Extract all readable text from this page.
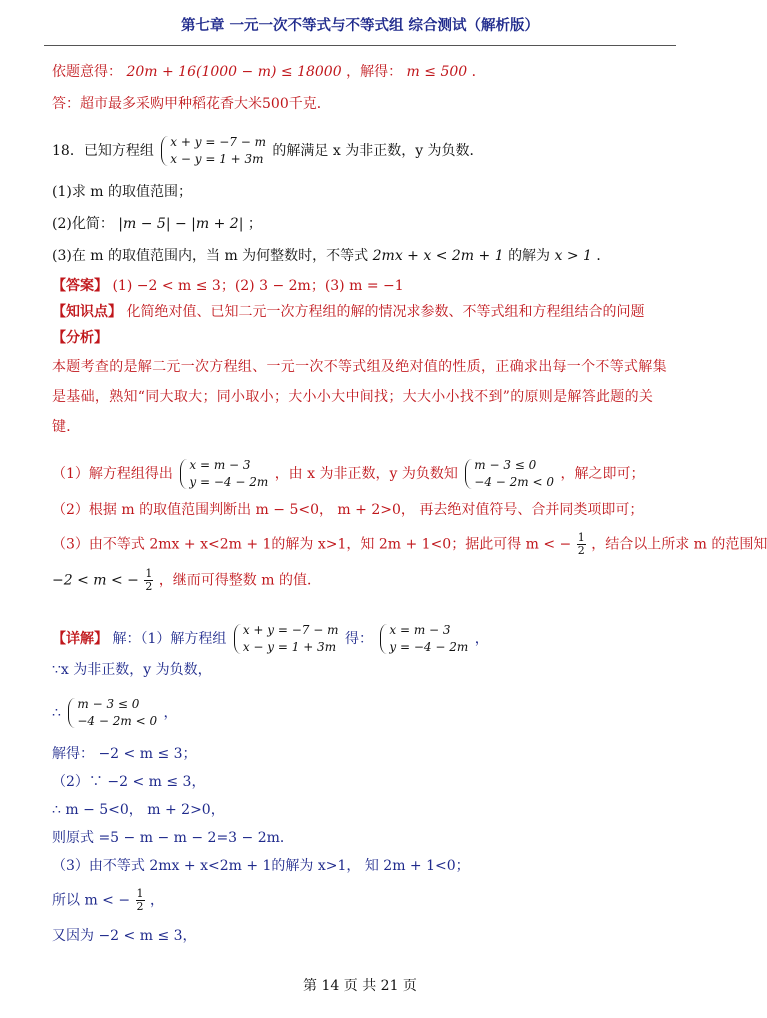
第七章 一元一次不等式与不等式组 综合测试（解析版）
依题意得： 20m + 16(1000 − m) ≤ 18000 ，解得： m ≤ 500 ．
答：超市最多采购甲种稻花香大米500千克．
18．已知方程组
x + y = −7 − m
x − y = 1 + 3m 的解满足 x 为非正数，y 为负数．
(1)求 m 的取值范围；
(2)化简： |m − 5| − |m + 2| ；
(3)在 m 的取值范围内，当 m 为何整数时，不等式 2mx + x < 2m + 1 的解为 x > 1 ．
【答案】 (1) −2 < m ≤ 3；(2) 3 − 2m；(3) m = −1
【知识点】 化简绝对值、已知二元一次方程组的解的情况求参数、不等式组和方程组结合的问题
【分析】
本题考查的是解二元一次方程组、一元一次不等式组及绝对值的性质，正确求出每一个不等式解集是基础，熟知“同大取大；同小取小；大小小大中间找；大大小小找不到”的原则是解答此题的关键．
（1）解方程组得出
x = m − 3
y = −4 − 2m ，由 x 为非正数，y 为负数知
m − 3 ≤ 0
−4 − 2m < 0 ，解之即可；
（2）根据 m 的取值范围判断出 m − 5<0， m + 2>0， 再去绝对值符号、合并同类项即可；
（3）由不等式 2mx + x<2m + 1的解为 x>1，知 2m + 1<0；据此可得 m < − $\frac{1}{2}$ ，结合以上所求 m 的范围知
−2 < m < − $\frac{1}{2}$ ，继而可得整数 m 的值．
【详解】 解：（1）解方程组
x + y = −7 − m
x − y = 1 + 3m 得：
x = m − 3
y = −4 − 2m ，
∵x 为非正数，y 为负数，
∴
m − 3 ≤ 0
−4 − 2m < 0 ，
解得： −2 < m ≤ 3；
（2）∵ −2 < m ≤ 3，
∴ m − 5<0， m + 2>0，
则原式 =5 − m − m − 2=3 − 2m．
（3）由不等式 2mx + x<2m + 1的解为 x>1， 知 2m + 1<0；
所以 m < − $\frac{1}{2}$ ，
又因为 −2 < m ≤ 3，
第 14 页 共 21 页
